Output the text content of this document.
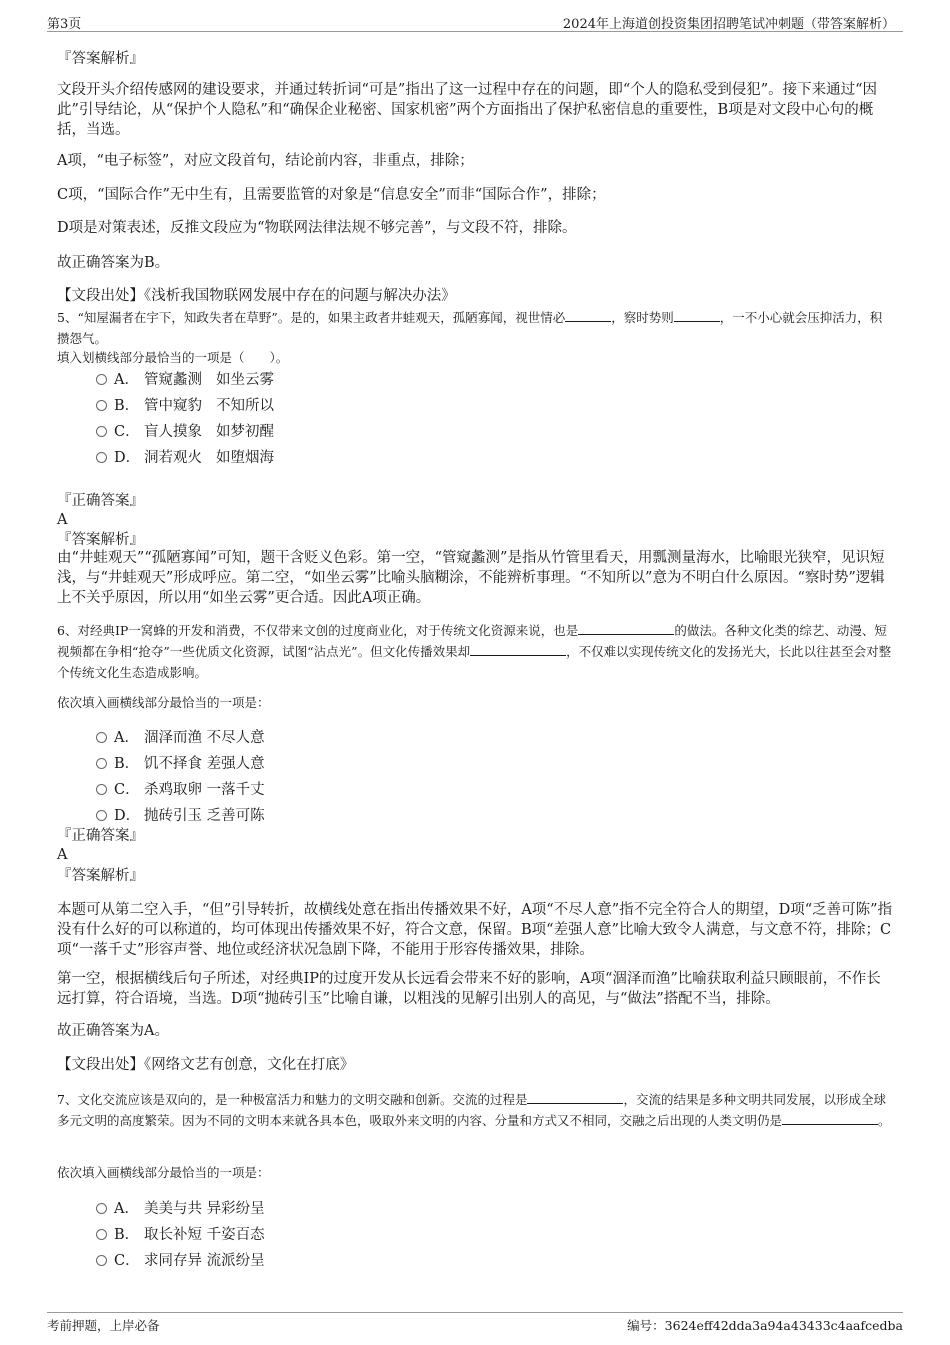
第3页	2024年上海道创投资集团招聘笔试冲刺题（带答案解析）
『答案解析』
文段开头介绍传感网的建设要求，并通过转折词“可是”指出了这一过程中存在的问题，即“个人的隐私受到侵犯”。接下来通过“因此”引导结论，从“保护个人隐私”和“确保企业秘密、国家机密”两个方面指出了保护私密信息的重要性，B项是对文段中心句的概括，当选。
A项，“电子标签”，对应文段首句，结论前内容，非重点，排除；
C项，“国际合作”无中生有，且需要监管的对象是“信息安全”而非“国际合作”，排除；
D项是对策表述，反推文段应为“物联网法律法规不够完善”，与文段不符，排除。
故正确答案为B。
【文段出处】《浅析我国物联网发展中存在的问题与解决办法》
5、“知屋漏者在宇下，知政失者在草野”。是的，如果主政者井蛙观天，孤陋寡闻，视世情必	，察时势则	，一不小心就会压抑活力，积攒怨气。
填入划横线部分最恰当的一项是（　　）。
A． 管窥蠡测 如坐云雾
B． 管中窥豹 不知所以
C． 盲人摸象 如梦初醒
D． 洞若观火 如堕烟海
『正确答案』
A
『答案解析』
由“井蛙观天”“孤陋寡闻”可知，题干含贬义色彩。第一空，“管窥蠡测”是指从竹管里看天，用瓢测量海水，比喻眼光狭窄，见识短浅，与“井蛙观天”形成呼应。第二空，“如坐云雾”比喻头脑糊涂，不能辨析事理。“不知所以”意为不明白什么原因。“察时势”逻辑上不关乎原因，所以用“如坐云雾”更合适。因此A项正确。
6、对经典IP一窝蜂的开发和消费，不仅带来文创的过度商业化，对于传统文化资源来说，也是	的做法。各种文化类的综艺、动漫、短视频都在争相“抢夺”一些优质文化资源，试图“沾点光”。但文化传播效果却	，不仅难以实现传统文化的发扬光大，长此以往甚至会对整个传统文化生态造成影响。
依次填入画横线部分最恰当的一项是：
A． 涸泽而渔 不尽人意
B． 饥不择食 差强人意
C． 杀鸡取卵 一落千丈
D． 抛砖引玉 乏善可陈
『正确答案』
A
『答案解析』
本题可从第二空入手，“但”引导转折，故横线处意在指出传播效果不好，A项“不尽人意”指不完全符合人的期望，D项“乏善可陈”指没有什么好的可以称道的，均可体现出传播效果不好，符合文意，保留。B项“差强人意”比喻大致令人满意，与文意不符，排除；C项“一落千丈”形容声誉、地位或经济状况急剧下降，不能用于形容传播效果，排除。
第一空，根据横线后句子所述，对经典IP的过度开发从长远看会带来不好的影响，A项“涸泽而渔”比喻获取利益只顾眼前，不作长远打算，符合语境，当选。D项“抛砖引玉”比喻自谦，以粗浅的见解引出别人的高见，与“做法”搭配不当，排除。
故正确答案为A。
【文段出处】《网络文艺有创意，文化在打底》
7、文化交流应该是双向的，是一种极富活力和魅力的文明交融和创新。交流的过程是	，交流的结果是多种文明共同发展，以形成全球多元文明的高度繁荣。因为不同的文明本来就各具本色，吸取外来文明的内容、分量和方式又不相同，交融之后出现的人类文明仍是	。
依次填入画横线部分最恰当的一项是：
A． 美美与共 异彩纷呈
B． 取长补短 千姿百态
C． 求同存异 流派纷呈
考前押题，上岸必备	编号：3624eff42dda3a94a43433c4aafcedba
